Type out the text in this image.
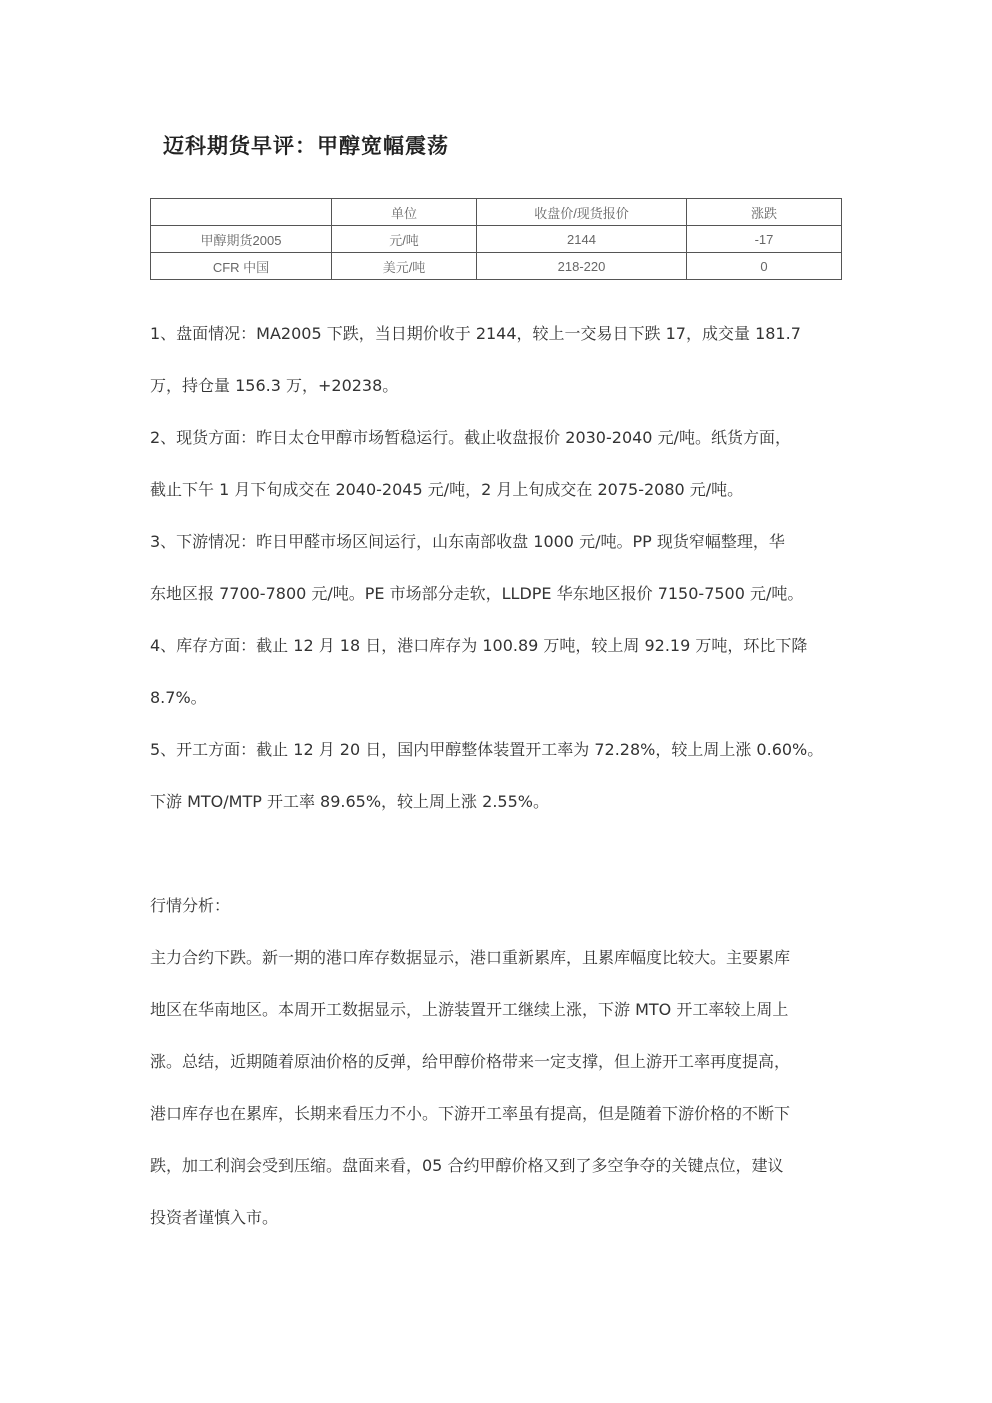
迈科期货早评：甲醇宽幅震荡
	单位	收盘价/现货报价	涨跌
甲醇期货2005	元/吨	2144	-17
CFR 中国	美元/吨	218-220	0

1、盘面情况：MA2005 下跌，当日期价收于 2144，较上一交易日下跌 17，成交量 181.7

万，持仓量 156.3 万，+20238。

2、现货方面：昨日太仓甲醇市场暂稳运行。截止收盘报价 2030-2040 元/吨。纸货方面，

截止下午 1 月下旬成交在 2040-2045 元/吨，2 月上旬成交在 2075-2080 元/吨。

3、下游情况：昨日甲醛市场区间运行，山东南部收盘 1000 元/吨。PP 现货窄幅整理，华

东地区报 7700-7800 元/吨。PE 市场部分走软，LLDPE 华东地区报价 7150-7500 元/吨。

4、库存方面：截止 12 月 18 日，港口库存为 100.89 万吨，较上周 92.19 万吨，环比下降

8.7%。

5、开工方面：截止 12 月 20 日，国内甲醇整体装置开工率为 72.28%，较上周上涨 0.60%。

下游 MTO/MTP 开工率 89.65%，较上周上涨 2.55%。

行情分析：

主力合约下跌。新一期的港口库存数据显示，港口重新累库，且累库幅度比较大。主要累库

地区在华南地区。本周开工数据显示，上游装置开工继续上涨，下游 MTO 开工率较上周上

涨。总结，近期随着原油价格的反弹，给甲醇价格带来一定支撑，但上游开工率再度提高，

港口库存也在累库，长期来看压力不小。下游开工率虽有提高，但是随着下游价格的不断下

跌，加工利润会受到压缩。盘面来看，05 合约甲醇价格又到了多空争夺的关键点位，建议

投资者谨慎入市。
